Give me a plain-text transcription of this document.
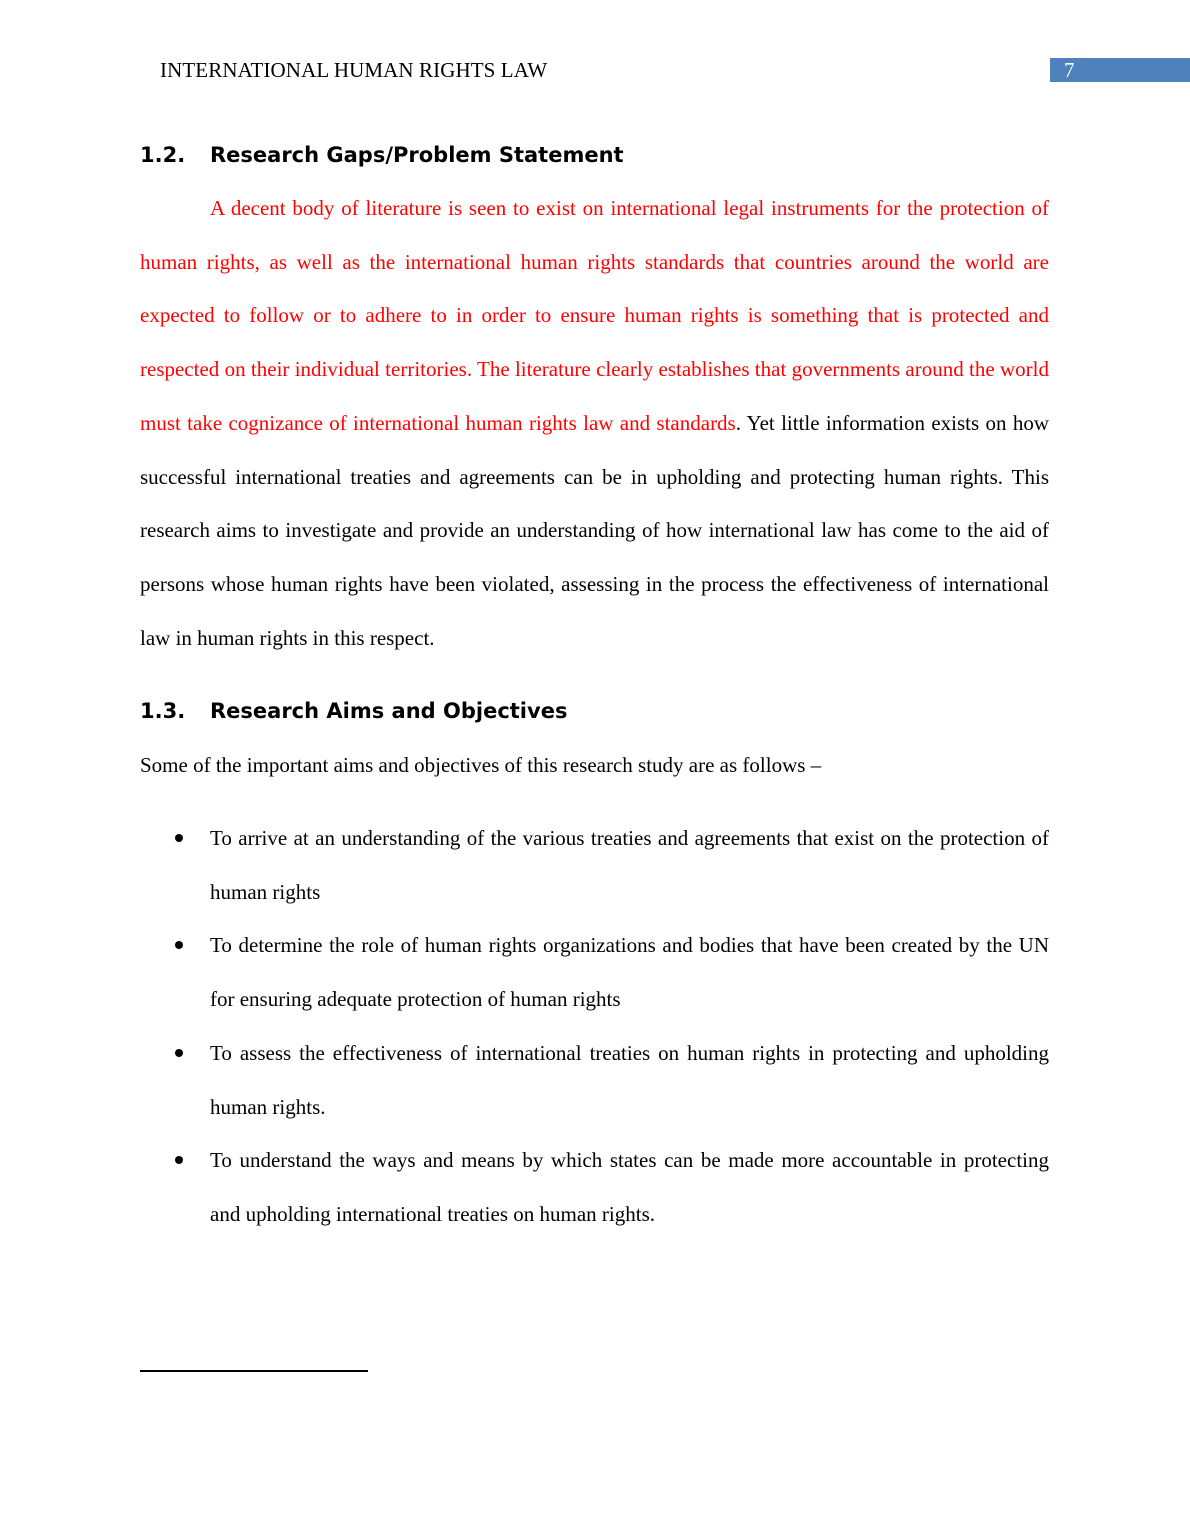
INTERNATIONAL HUMAN RIGHTS LAW	7
1.2.	Research Gaps/Problem Statement

A decent body of literature is seen to exist on international legal instruments for the protection of human rights, as well as the international human rights standards that countries around the world are expected to follow or to adhere to in order to ensure human rights is something that is protected and respected on their individual territories. The literature clearly establishes that governments around the world must take cognizance of international human rights law and standards. Yet little information exists on how successful international treaties and agreements can be in upholding and protecting human rights. This research aims to investigate and provide an understanding of how international law has come to the aid of persons whose human rights have been violated, assessing in the process the effectiveness of international law in human rights in this respect.

1.3.	Research Aims and Objectives

Some of the important aims and objectives of this research study are as follows –

To arrive at an understanding of the various treaties and agreements that exist on the protection of human rights
To determine the role of human rights organizations and bodies that have been created by the UN for ensuring adequate protection of human rights
To assess the effectiveness of international treaties on human rights in protecting and upholding human rights.
To understand the ways and means by which states can be made more accountable in protecting and upholding international treaties on human rights.
